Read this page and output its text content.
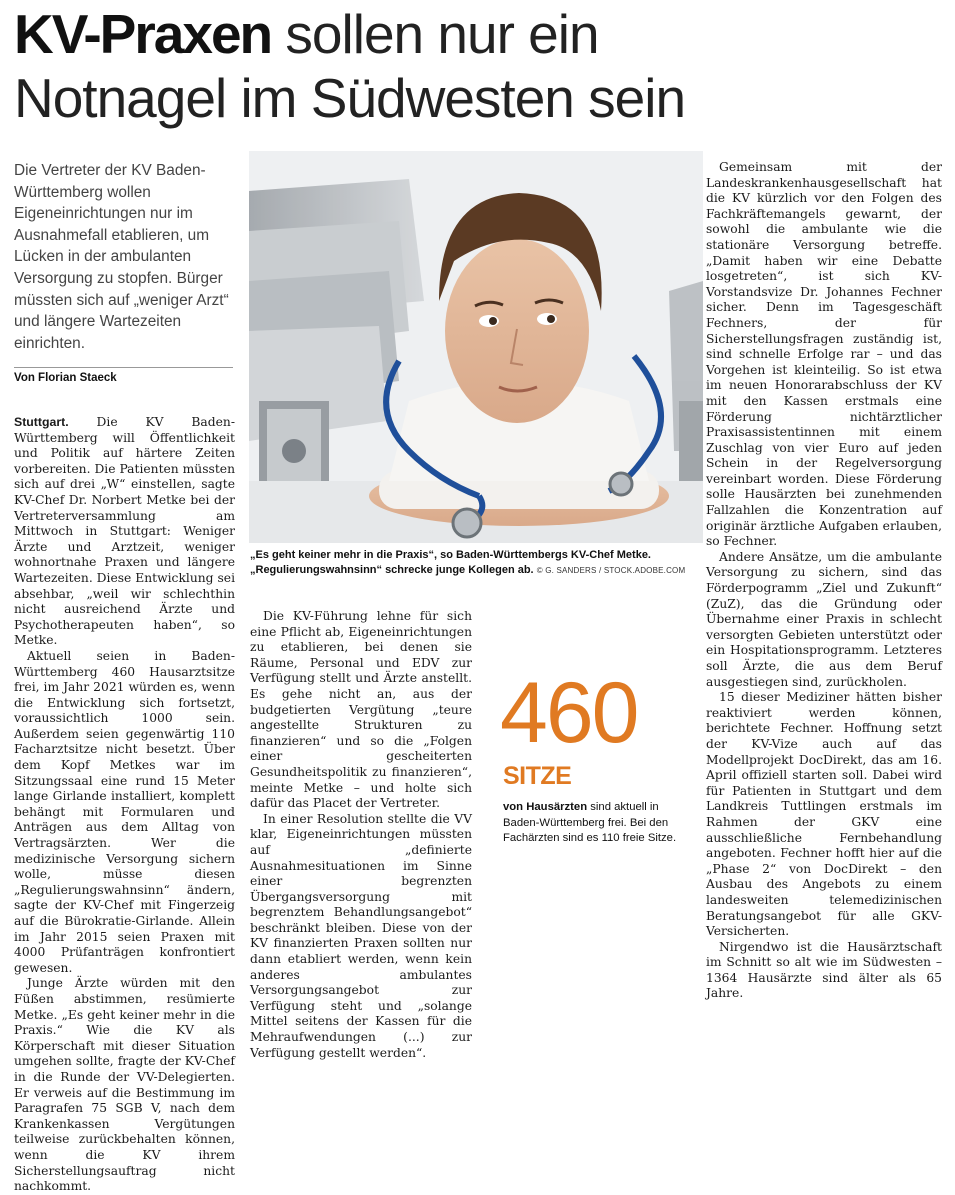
KV-Praxen sollen nur ein
Notnagel im Südwesten sein
Die Vertreter der KV Baden-Württemberg wollen Eigeneinrichtungen nur im Ausnahmefall etablieren, um Lücken in der ambulanten Versorgung zu stopfen. Bürger müssten sich auf „weniger Arzt“ und längere Wartezeiten einrichten.
Von Florian Staeck

Stuttgart. Die KV Baden-Württemberg will Öffentlichkeit und Politik auf härtere Zeiten vorbereiten. Die Patienten müssten sich auf drei „W“ einstellen, sagte KV-Chef Dr. Norbert Metke bei der Vertreterversammlung am Mittwoch in Stuttgart: Weniger Ärzte und Arztzeit, weniger wohnortnahe Praxen und längere Wartezeiten. Diese Entwicklung sei absehbar, „weil wir schlechthin nicht ausreichend Ärzte und Psychotherapeuten haben“, so Metke.

Aktuell seien in Baden-Württemberg 460 Hausarztsitze frei, im Jahr 2021 würden es, wenn die Entwicklung sich fortsetzt, voraussichtlich 1000 sein. Außerdem seien gegenwärtig 110 Facharztsitze nicht besetzt. Über dem Kopf Metkes war im Sitzungssaal eine rund 15 Meter lange Girlande installiert, komplett behängt mit Formularen und Anträgen aus dem Alltag von Vertragsärzten. Wer die medizinische Versorgung sichern wolle, müsse diesen „Regulierungswahnsinn“ ändern, sagte der KV-Chef mit Fingerzeig auf die Bürokratie-Girlande. Allein im Jahr 2015 seien Praxen mit 4000 Prüfanträgen konfrontiert gewesen.

Junge Ärzte würden mit den Füßen abstimmen, resümierte Metke. „Es geht keiner mehr in die Praxis.“ Wie die KV als Körperschaft mit dieser Situation umgehen sollte, fragte der KV-Chef in die Runde der VV-Delegierten. Er verweis auf die Bestimmung im Paragrafen 75 SGB V, nach dem Krankenkassen Vergütungen teilweise zurückbehalten können, wenn die KV ihrem Sicherstellungsauftrag nicht nachkommt.

„Es geht keiner mehr in die Praxis“, so Baden-Württembergs KV-Chef Metke.
„Regulierungswahnsinn“ schrecke junge Kollegen ab. © G. SANDERS / STOCK.ADOBE.COM

Die KV-Führung lehne für sich eine Pflicht ab, Eigeneinrichtungen zu etablieren, bei denen sie Räume, Personal und EDV zur Verfügung stellt und Ärzte anstellt. Es gehe nicht an, aus der budgetierten Vergütung „teure angestellte Strukturen zu finanzieren“ und so die „Folgen einer gescheiterten Gesundheitspolitik zu finanzieren“, meinte Metke – und holte sich dafür das Placet der Vertreter.

In einer Resolution stellte die VV klar, Eigeneinrichtungen müssten auf „definierte Ausnahmesituationen im Sinne einer begrenzten Übergangsversorgung mit begrenztem Behandlungsangebot“ beschränkt bleiben. Diese von der KV finanzierten Praxen sollten nur dann etabliert werden, wenn kein anderes ambulantes Versorgungsangebot zur Verfügung steht und „solange Mittel seitens der Kassen für die Mehraufwendungen (...) zur Verfügung gestellt werden“.

460
SITZE
von Hausärzten sind aktuell in Baden-Württemberg frei. Bei den Fachärzten sind es 110 freie Sitze.

Gemeinsam mit der Landeskrankenhausgesellschaft hat die KV kürzlich vor den Folgen des Fachkräftemangels gewarnt, der sowohl die ambulante wie die stationäre Versorgung betreffe. „Damit haben wir eine Debatte losgetreten“, ist sich KV-Vorstandsvize Dr. Johannes Fechner sicher. Denn im Tagesgeschäft Fechners, der für Sicherstellungsfragen zuständig ist, sind schnelle Erfolge rar – und das Vorgehen ist kleinteilig. So ist etwa im neuen Honorarabschluss der KV mit den Kassen erstmals eine Förderung nichtärztlicher Praxisassistentinnen mit einem Zuschlag von vier Euro auf jeden Schein in der Regelversorgung vereinbart worden. Diese Förderung solle Hausärzten bei zunehmenden Fallzahlen die Konzentration auf originär ärztliche Aufgaben erlauben, so Fechner.

Andere Ansätze, um die ambulante Versorgung zu sichern, sind das Förderpogramm „Ziel und Zukunft“ (ZuZ), das die Gründung oder Übernahme einer Praxis in schlecht versorgten Gebieten unterstützt oder ein Hospitationsprogramm. Letzteres soll Ärzte, die aus dem Beruf ausgestiegen sind, zurückholen.

15 dieser Mediziner hätten bisher reaktiviert werden können, berichtete Fechner. Hoffnung setzt der KV-Vize auch auf das Modellprojekt DocDirekt, das am 16. April offiziell starten soll. Dabei wird für Patienten in Stuttgart und dem Landkreis Tuttlingen erstmals im Rahmen der GKV eine ausschließliche Fernbehandlung angeboten. Fechner hofft hier auf die „Phase 2“ von DocDirekt – den Ausbau des Angebots zu einem landesweiten telemedizinischen Beratungsangebot für alle GKV-Versicherten.

Nirgendwo ist die Hausärztschaft im Schnitt so alt wie im Südwesten – 1364 Hausärzte sind älter als 65 Jahre.
